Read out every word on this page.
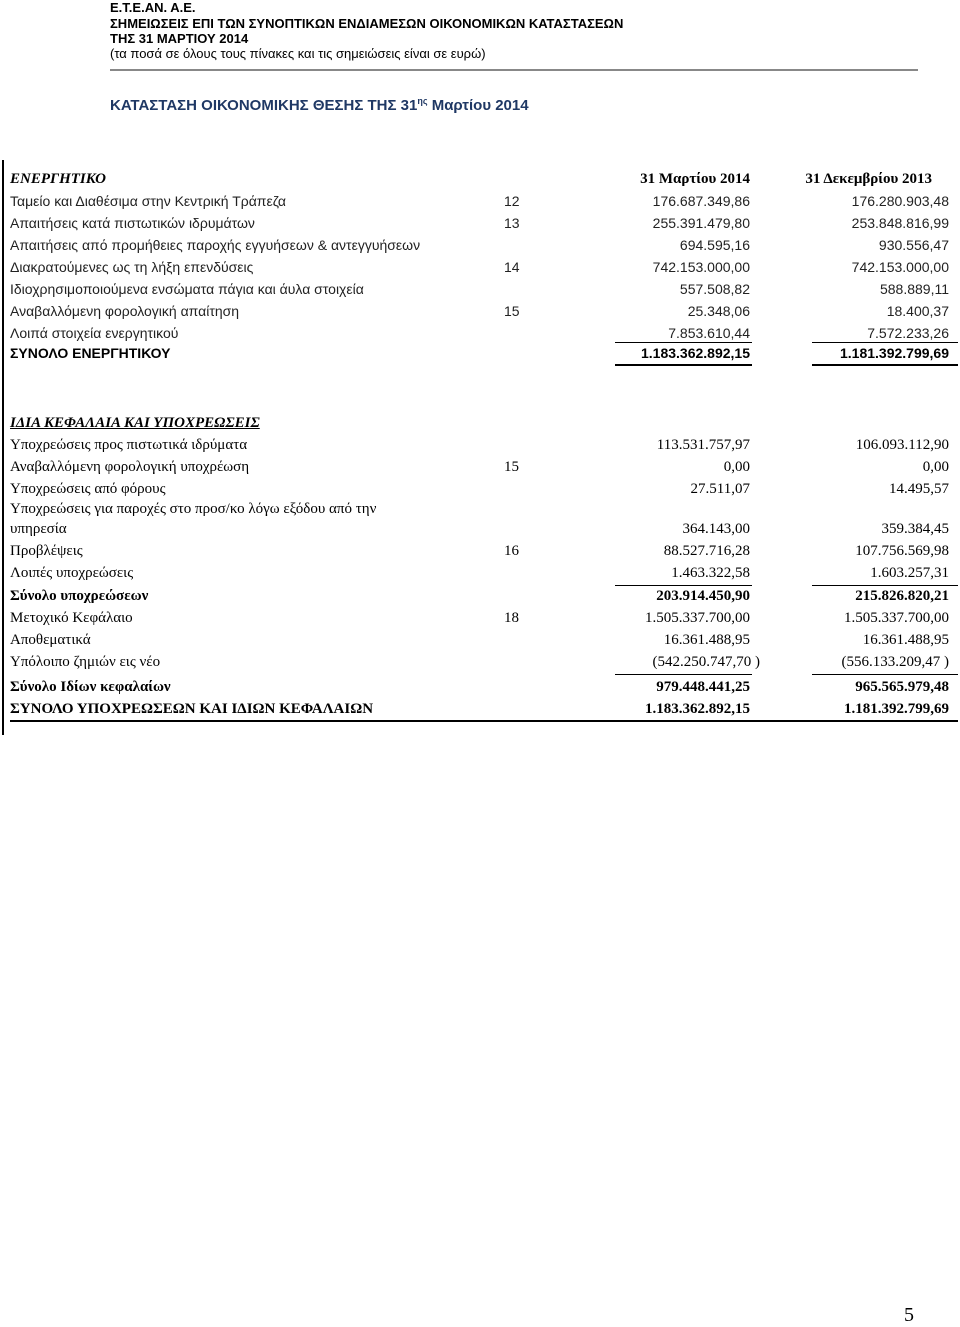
Ε.Τ.Ε.ΑΝ. Α.Ε.
ΣΗΜΕΙΩΣΕΙΣ ΕΠΙ ΤΩΝ ΣΥΝΟΠΤΙΚΩΝ ΕΝΔΙΑΜΕΣΩΝ ΟΙΚΟΝΟΜΙΚΩΝ ΚΑΤΑΣΤΑΣΕΩΝ
ΤΗΣ 31 ΜΑΡΤΙΟΥ 2014
(τα ποσά σε όλους τους πίνακες και τις σημειώσεις είναι σε ευρώ)
ΚΑΤΑΣΤΑΣΗ ΟΙΚΟΝΟΜΙΚΗΣ ΘΕΣΗΣ ΤΗΣ $31^{\eta\varsigma}$ Μαρτίου 2014
ΕΝΕΡΓΗΤΙΚΟ	31 Μαρτίου 2014	31 Δεκεμβρίου 2013
Ταμείο και Διαθέσιμα στην Κεντρική Τράπεζα	12	176.687.349,86	176.280.903,48
Απαιτήσεις κατά πιστωτικών ιδρυμάτων	13	255.391.479,80	253.848.816,99
Απαιτήσεις από προμήθειες παροχής εγγυήσεων & αντεγγυήσεων	694.595,16	930.556,47
Διακρατούμενες ως τη λήξη επενδύσεις	14	742.153.000,00	742.153.000,00
Ιδιοχρησιμοποιούμενα ενσώματα πάγια και άυλα στοιχεία	557.508,82	588.889,11
Αναβαλλόμενη φορολογική απαίτηση	15	25.348,06	18.400,37
Λοιπά στοιχεία ενεργητικού	7.853.610,44	7.572.233,26
ΣΥΝΟΛΟ ΕΝΕΡΓΗΤΙΚΟΥ	1.183.362.892,15	1.181.392.799,69
ΙΔΙΑ ΚΕΦΑΛΑΙΑ ΚΑΙ ΥΠΟΧΡΕΩΣΕΙΣ
Υποχρεώσεις προς πιστωτικά ιδρύματα	113.531.757,97	106.093.112,90
Αναβαλλόμενη φορολογική υποχρέωση	15	0,00	0,00
Υποχρεώσεις από φόρους	27.511,07	14.495,57
Υποχρεώσεις για παροχές στο προσ/κο λόγω εξόδου από την
υπηρεσία	364.143,00	359.384,45
Προβλέψεις	16	88.527.716,28	107.756.569,98
Λοιπές υποχρεώσεις	1.463.322,58	1.603.257,31
Σύνολο υποχρεώσεων	203.914.450,90	215.826.820,21
Μετοχικό Κεφάλαιο	18	1.505.337.700,00	1.505.337.700,00
Αποθεματικά	16.361.488,95	16.361.488,95
Υπόλοιπο ζημιών εις νέο	(542.250.747,70 )	(556.133.209,47 )
Σύνολο Ιδίων κεφαλαίων	979.448.441,25	965.565.979,48
ΣΥΝΟΛΟ ΥΠΟΧΡΕΩΣΕΩΝ ΚΑΙ ΙΔΙΩΝ ΚΕΦΑΛΑΙΩΝ	1.183.362.892,15	1.181.392.799,69
5
